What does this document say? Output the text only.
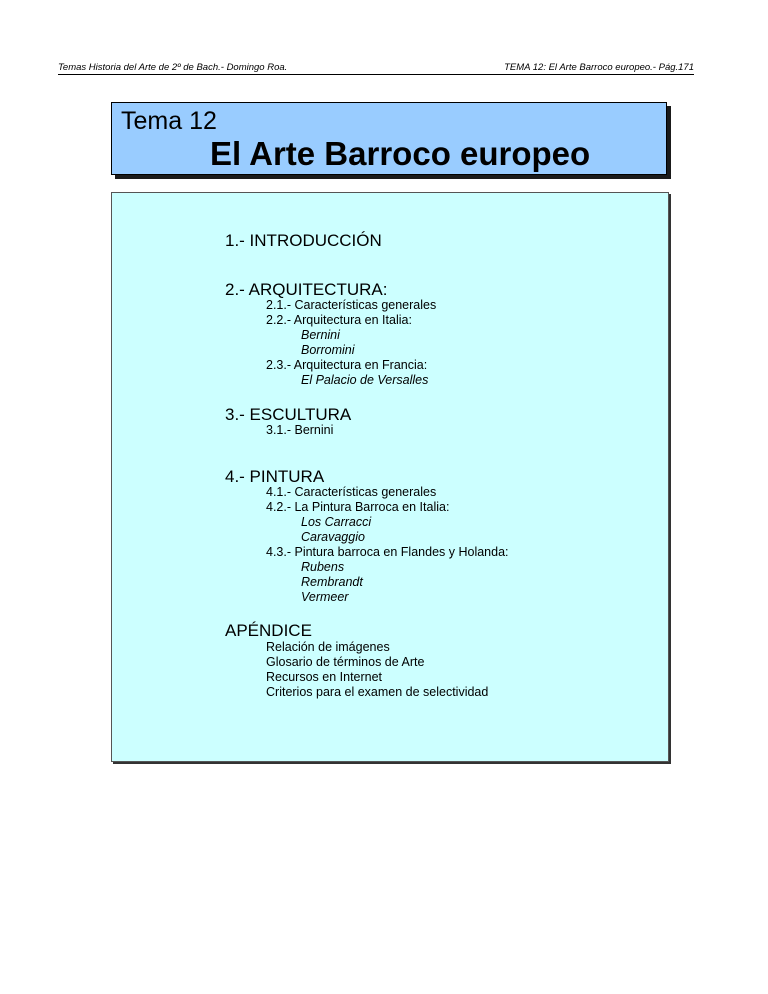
Temas Historia del Arte de 2º de Bach.- Domingo Roa.	TEMA 12: El Arte Barroco europeo.- Pág.171
Tema 12
El Arte Barroco europeo
1.- INTRODUCCIÓN
2.- ARQUITECTURA:
2.1.- Características generales
2.2.- Arquitectura en Italia:
Bernini
Borromini
2.3.- Arquitectura en Francia:
El Palacio de Versalles
3.- ESCULTURA
3.1.- Bernini
4.- PINTURA
4.1.- Características generales
4.2.- La Pintura Barroca en Italia:
Los Carracci
Caravaggio
4.3.- Pintura barroca en Flandes y Holanda:
Rubens
Rembrandt
Vermeer
APÉNDICE
Relación de imágenes
Glosario de términos de Arte
Recursos en Internet
Criterios para el examen de selectividad
